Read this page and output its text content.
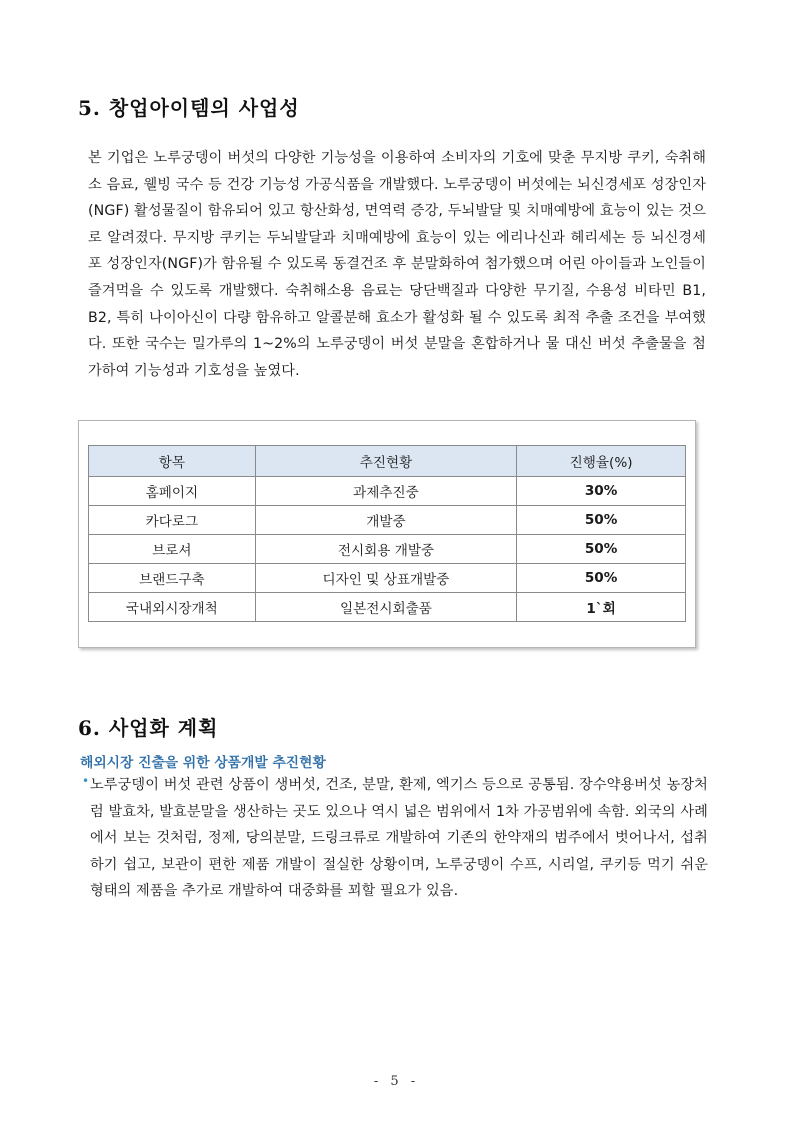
5. 창업아이템의 사업성

본 기업은 노루궁뎅이 버섯의 다양한 기능성을 이용하여 소비자의 기호에 맞춘 무지방 쿠키, 숙취해소 음료, 웰빙 국수 등 건강 기능성 가공식품을 개발했다. 노루궁뎅이 버섯에는 뇌신경세포 성장인자(NGF) 활성물질이 함유되어 있고 항산화성, 면역력 증강, 두뇌발달 및 치매예방에 효능이 있는 것으로 알려졌다. 무지방 쿠키는 두뇌발달과 치매예방에 효능이 있는 에리나신과 헤리세논 등 뇌신경세포 성장인자(NGF)가 함유될 수 있도록 동결건조 후 분말화하여 첨가했으며 어린 아이들과 노인들이 즐겨먹을 수 있도록 개발했다. 숙취해소용 음료는 당단백질과 다양한 무기질, 수용성 비타민 B1, B2, 특히 나이아신이 다량 함유하고 알콜분해 효소가 활성화 될 수 있도록 최적 추출 조건을 부여했다. 또한 국수는 밀가루의 1~2%의 노루궁뎅이 버섯 분말을 혼합하거나 물 대신 버섯 추출물을 첨가하여 기능성과 기호성을 높였다.

항목	추진현황	진행율(%)
홈페이지	과제추진중	30%
카다로그	개발중	50%
브로셔	전시회용 개발중	50%
브랜드구축	디자인 및 상표개발중	50%
국내외시장개척	일본전시회출품	1`회
6. 사업화 계획

해외시장 진출을 위한 상품개발 추진현황

• 노루궁뎅이 버섯 관련 상품이 생버섯, 건조, 분말, 환제, 엑기스 등으로 공통됨. 장수약용버섯 농장처럼 발효차, 발효분말을 생산하는 곳도 있으나 역시 넓은 범위에서 1차 가공범위에 속함. 외국의 사례에서 보는 것처럼, 정제, 당의분말, 드링크류로 개발하여 기존의 한약재의 범주에서 벗어나서, 섭취하기 쉽고, 보관이 편한 제품 개발이 절실한 상황이며, 노루궁뎅이 수프, 시리얼, 쿠키등 먹기 쉬운 형태의 제품을 추가로 개발하여 대중화를 꾀할 필요가 있음.

- 5 -
